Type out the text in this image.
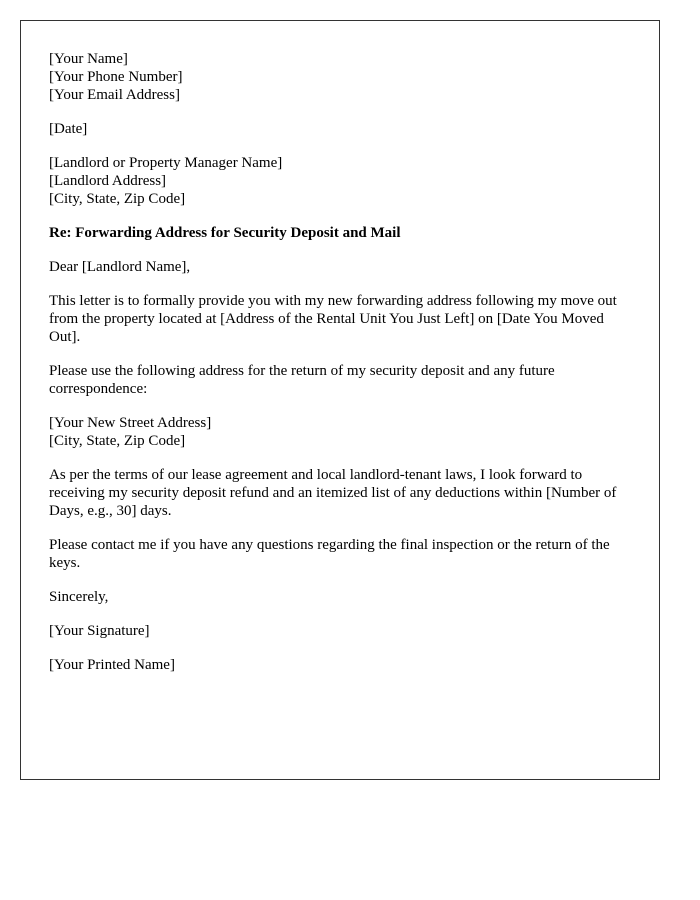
[Your Name]
[Your Phone Number]
[Your Email Address]

[Date]

[Landlord or Property Manager Name]
[Landlord Address]
[City, State, Zip Code]

Re: Forwarding Address for Security Deposit and Mail

Dear [Landlord Name],

This letter is to formally provide you with my new forwarding address following my move out from the property located at [Address of the Rental Unit You Just Left] on [Date You Moved Out].

Please use the following address for the return of my security deposit and any future correspondence:

[Your New Street Address]
[City, State, Zip Code]

As per the terms of our lease agreement and local landlord-tenant laws, I look forward to receiving my security deposit refund and an itemized list of any deductions within [Number of Days, e.g., 30] days.

Please contact me if you have any questions regarding the final inspection or the return of the keys.

Sincerely,

[Your Signature]

[Your Printed Name]
